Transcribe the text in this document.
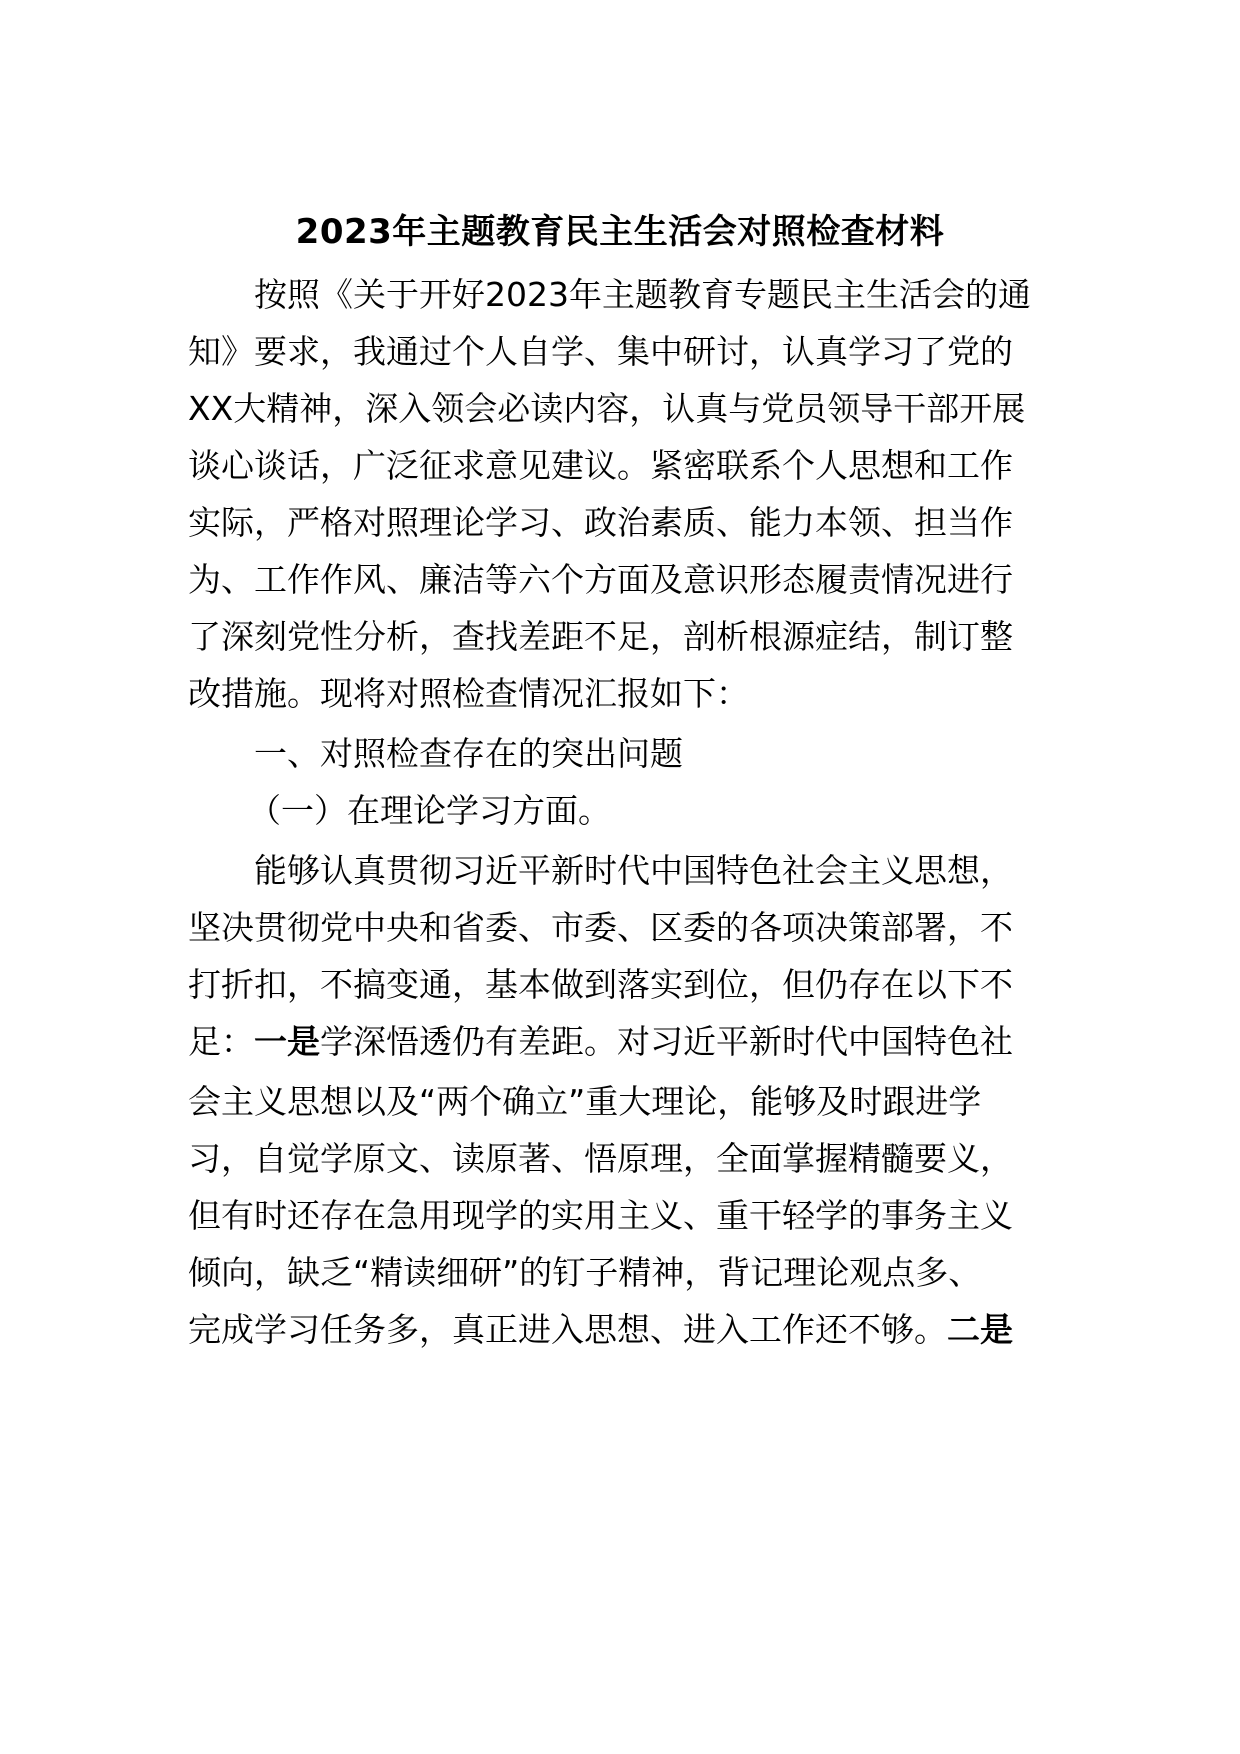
2023年主题教育民主生活会对照检查材料
按照《关于开好2023年主题教育专题民主生活会的通
知》要求，我通过个人自学、集中研讨，认真学习了党的
XX大精神，深入领会必读内容，认真与党员领导干部开展
谈心谈话，广泛征求意见建议。紧密联系个人思想和工作
实际，严格对照理论学习、政治素质、能力本领、担当作
为、工作作风、廉洁等六个方面及意识形态履责情况进行
了深刻党性分析，查找差距不足，剖析根源症结，制订整
改措施。现将对照检查情况汇报如下：
一、对照检查存在的突出问题
（一）在理论学习方面。
能够认真贯彻习近平新时代中国特色社会主义思想，
坚决贯彻党中央和省委、市委、区委的各项决策部署，不
打折扣，不搞变通，基本做到落实到位，但仍存在以下不
足：一是学深悟透仍有差距。对习近平新时代中国特色社
会主义思想以及“两个确立”重大理论，能够及时跟进学
习，自觉学原文、读原著、悟原理，全面掌握精髓要义，
但有时还存在急用现学的实用主义、重干轻学的事务主义
倾向，缺乏“精读细研”的钉子精神，背记理论观点多、
完成学习任务多，真正进入思想、进入工作还不够。二是
